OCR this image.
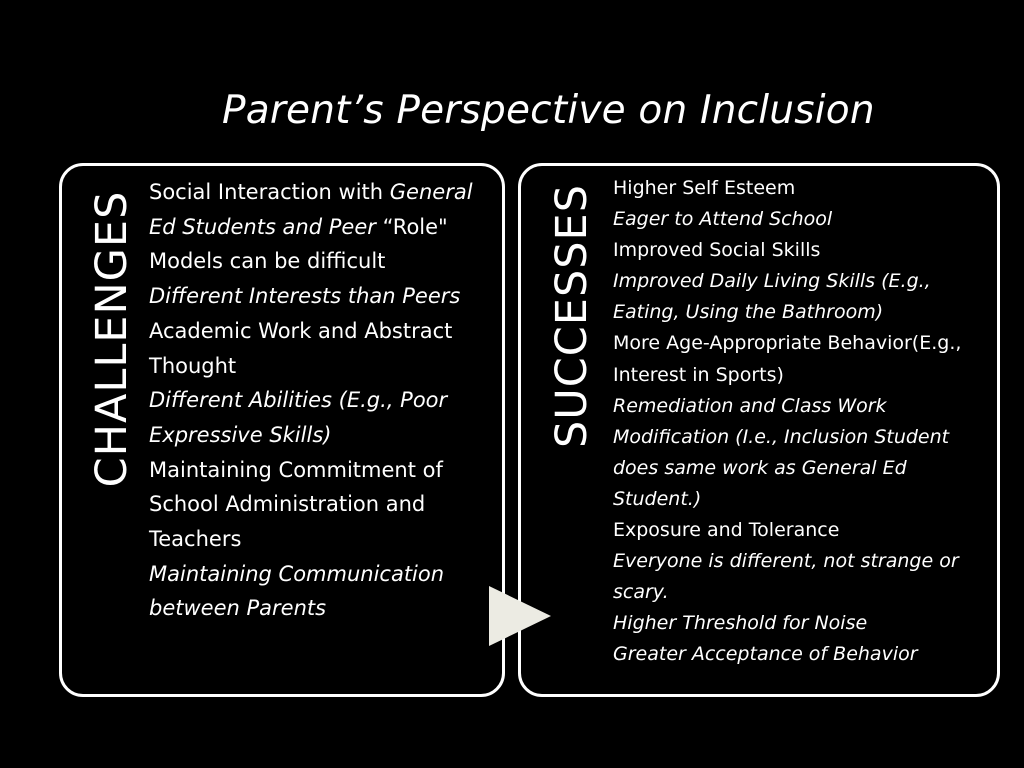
Parent’s Perspective on Inclusion
CHALLENGES Social Interaction with General Ed Students and Peer “Role" Models can be difficult
Different Interests than Peers
Academic Work and Abstract Thought
Different Abilities (E.g., Poor Expressive Skills)
Maintaining Commitment of School Administration and Teachers
Maintaining Communication between Parents
SUCCESSES Higher Self Esteem
Eager to Attend School
Improved Social Skills
Improved Daily Living Skills (E.g., Eating, Using the Bathroom)
More Age-Appropriate Behavior(E.g., Interest in Sports)
Remediation and Class Work Modification (I.e., Inclusion Student does same work as General Ed Student.)
Exposure and Tolerance
Everyone is different, not strange or scary.
Higher Threshold for Noise
Greater Acceptance of Behavior
